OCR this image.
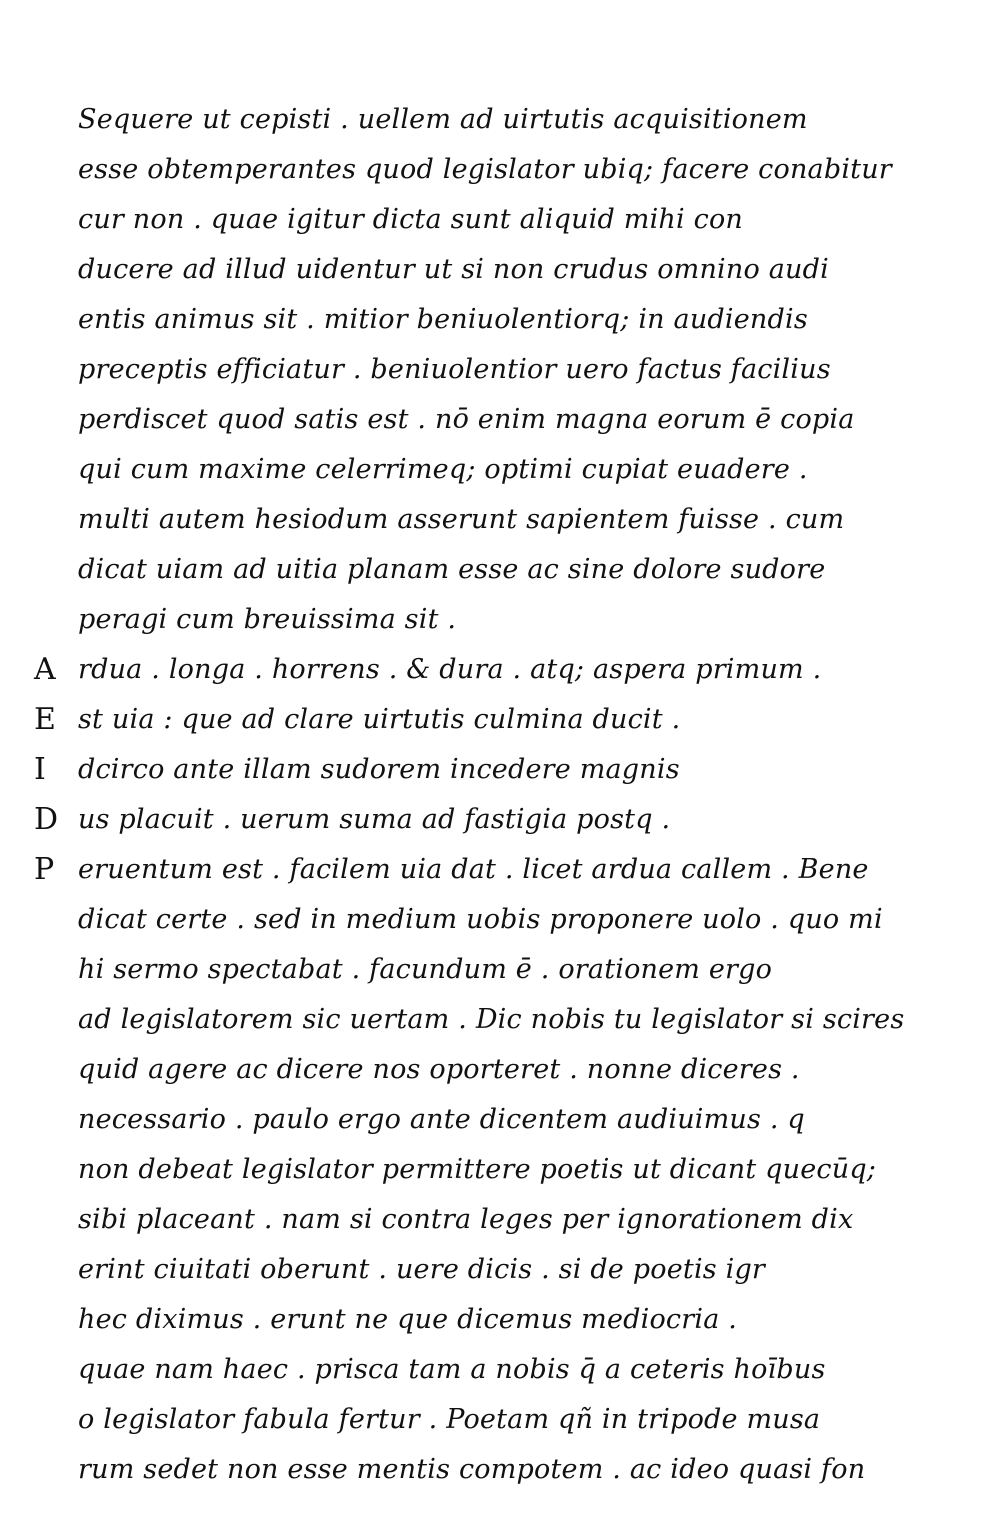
Sequere ut cepisti . uellem ad uirtutis acquisitionem
esse obtemperantes quod legislator ubiq; facere conabitur
cur non . quae igitur dicta sunt aliquid mihi con
ducere ad illud uidentur ut si non crudus omnino audi
entis animus sit . mitior beniuolentiorq; in audiendis
preceptis efficiatur . beniuolentior uero factus facilius
perdiscet quod satis est . nō enim magna eorum ē copia
qui cum maxime celerrimeq; optimi cupiat euadere .
multi autem hesiodum asserunt sapientem fuisse . cum
dicat uiam ad uitia planam esse ac sine dolore sudore
peragi cum breuissima sit .
A rdua . longa . horrens . & dura . atq; aspera primum .
E st uia : que ad clare uirtutis culmina ducit .
I dcirco ante illam sudorem incedere magnis
D us placuit . uerum suma ad fastigia postq .
P eruentum est . facilem uia dat . licet ardua callem . Bene
dicat certe . sed in medium uobis proponere uolo . quo mi
hi sermo spectabat . facundum ē . orationem ergo
ad legislatorem sic uertam . Dic nobis tu legislator si scires
quid agere ac dicere nos oporteret . nonne diceres .
necessario . paulo ergo ante dicentem audiuimus . q
non debeat legislator permittere poetis ut dicant quecūq;
sibi placeant . nam si contra leges per ignorationem dix
erint ciuitati oberunt . uere dicis . si de poetis igr
hec diximus . erunt ne que dicemus mediocria .
quae nam haec . prisca tam a nobis q̄ a ceteris hoībus
o legislator fabula fertur . Poetam qñ in tripode musa
rum sedet non esse mentis compotem . ac ideo quasi fon
